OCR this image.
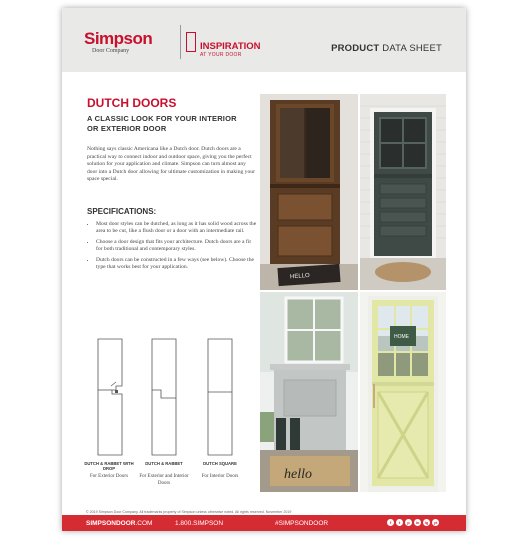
Simpson
Door Company	INSPIRATION
AT YOUR DOOR
PRODUCT DATA SHEET
DUTCH DOORS
A CLASSIC LOOK FOR YOUR INTERIOR OR EXTERIOR DOOR
Nothing says classic Americana like a Dutch door. Dutch doors are a practical way to connect indoor and outdoor space, giving you the perfect solution for your application and climate. Simpson can turn almost any door into a Dutch door allowing for ultimate customization in making your space special.
SPECIFICATIONS:
• Most door styles can be dutched, as long as it has solid wood across the area to be cut, like a flush door or a door with an intermediate rail.
• Choose a door design that fits your architecture. Dutch doors are a fit for both traditional and contemporary styles.
• Dutch doors can be constructed in a few ways (see below). Choose the type that works best for your application.
DUTCH & RABBET WITH DROP
For Exterior Doors
DUTCH & RABBET
For Exterior and Interior Doors
DUTCH SQUARE
For Interior Doors
HELLO
hello
HOME
© 2019 Simpson Door Company. All trademarks property of Simpson unless otherwise noted. All rights reserved. November 2019
SIMPSONDOOR.COM	1.800.SIMPSON	#SIMPSONDOOR	f	t	p	in	ig	yt
